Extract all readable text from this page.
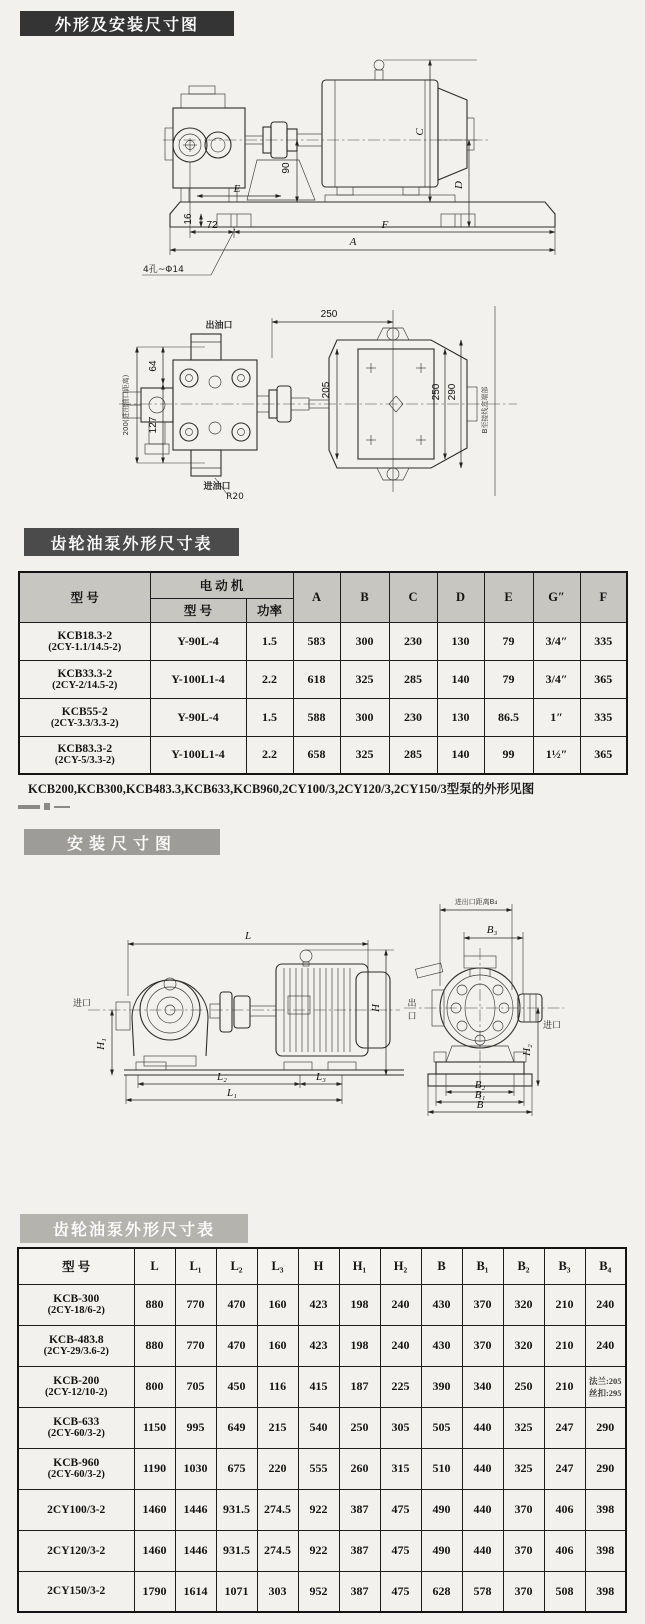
外形及安装尺寸图
A
72	F
E
16
C
D
90
4孔~Φ14
250
205	250 290	B至接线盒端部
200(进出油口距离)
64
127
出油口
进油口
R20
齿轮油泵外形尺寸表
型 号	电 动 机		A	B	C	D	E	G″	F
	型 号	功率							

KCB18.3-2
(2CY-1.1/14.5-2)	Y-90L-4	1.5	583	300	230	130	79	3/4″	335

KCB33.3-2
(2CY-2/14.5-2)	Y-100L1-4	2.2	618	325	285	140	79	3/4″	365

KCB55-2
(2CY-3.3/3.3-2)	Y-90L-4	1.5	588	300	230	130	86.5	1″	335

KCB83.3-2
(2CY-5/3.3-2)	Y-100L1-4	2.2	658	325	285	140	99	1½″	365
KCB200,KCB300,KCB483.3,KCB633,KCB960,2CY100/3,2CY120/3,2CY150/3型泵的外形见图
安装尺寸图
L
H
H₁
进口
L₂	L₃
L₁
进出口距离B₄
B₃
H₂
出
口
进口
B₂
B₁
B
齿轮油泵外形尺寸表
型 号	L	L₁	L₂	L₃	H	H₁	H₂	B	B₁	B₂	B₃	B₄

KCB-300
(2CY-18/6-2)	880	770	470	160	423	198	240	430	370	320	210	240

KCB-483.8
(2CY-29/3.6-2)	880	770	470	160	423	198	240	430	370	320	210	240

KCB-200
(2CY-12/10-2)	800	705	450	116	415	187	225	390	340	250	210	法兰:205
丝扣:295

KCB-633
(2CY-60/3-2)	1150	995	649	215	540	250	305	505	440	325	247	290

KCB-960
(2CY-60/3-2)	1190	1030	675	220	555	260	315	510	440	325	247	290

2CY100/3-2	1460	1446	931.5	274.5	922	387	475	490	440	370	406	398

2CY120/3-2	1460	1446	931.5	274.5	922	387	475	490	440	370	406	398

2CY150/3-2	1790	1614	1071	303	952	387	475	628	578	370	508	398
